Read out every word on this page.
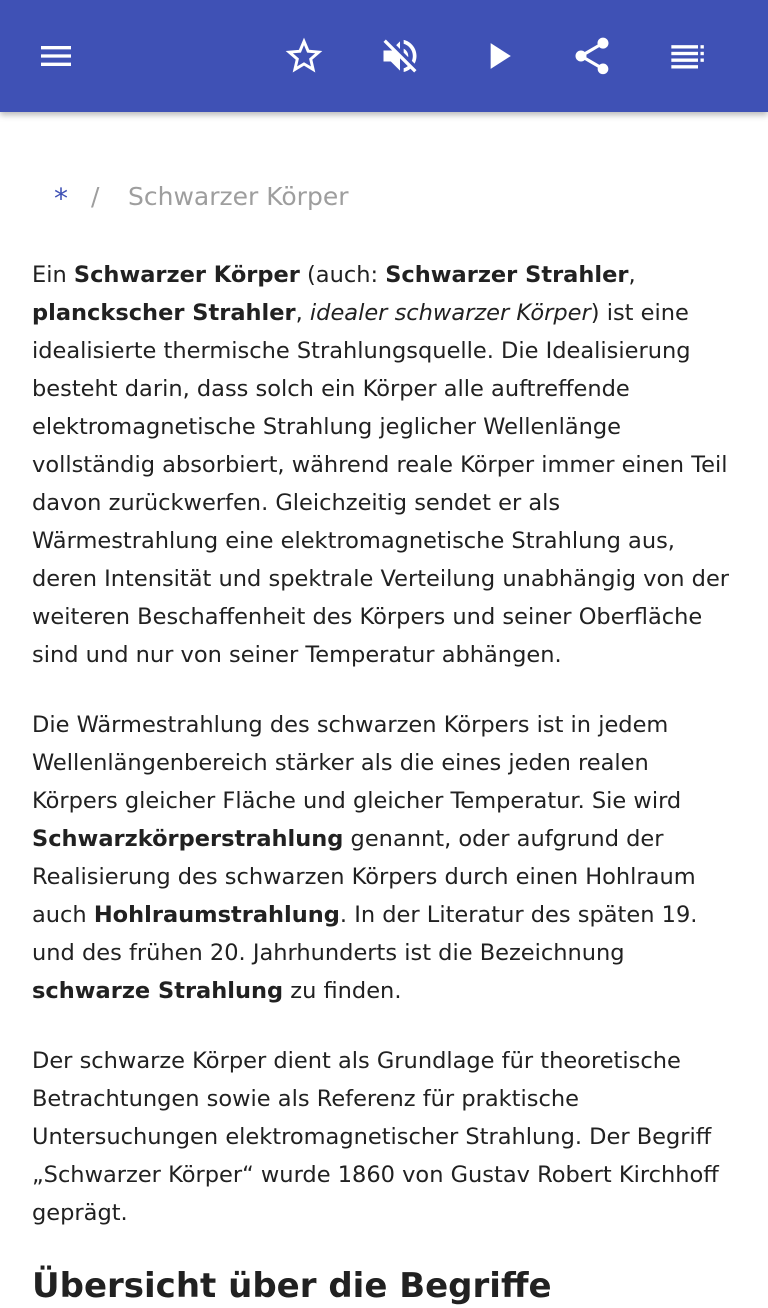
* / Schwarzer Körper

Ein Schwarzer Körper (auch: Schwarzer Strahler, planckscher Strahler, idealer schwarzer Körper) ist eine idealisierte thermische Strahlungsquelle. Die Idealisierung besteht darin, dass solch ein Körper alle auftreffende elektromagnetische Strahlung jeglicher Wellenlänge vollständig absorbiert, während reale Körper immer einen Teil davon zurückwerfen. Gleichzeitig sendet er als Wärmestrahlung eine elektromagnetische Strahlung aus, deren Intensität und spektrale Verteilung unabhängig von der weiteren Beschaffenheit des Körpers und seiner Oberfläche sind und nur von seiner Temperatur abhängen.

Die Wärmestrahlung des schwarzen Körpers ist in jedem Wellenlängenbereich stärker als die eines jeden realen Körpers gleicher Fläche und gleicher Temperatur. Sie wird Schwarzkörperstrahlung genannt, oder aufgrund der Realisierung des schwarzen Körpers durch einen Hohlraum auch Hohlraumstrahlung. In der Literatur des späten 19. und des frühen 20. Jahrhunderts ist die Bezeichnung schwarze Strahlung zu finden.

Der schwarze Körper dient als Grundlage für theoretische Betrachtungen sowie als Referenz für praktische Untersuchungen elektromagnetischer Strahlung. Der Begriff „Schwarzer Körper“ wurde 1860 von Gustav Robert Kirchhoff geprägt.

Übersicht über die Begriffe
